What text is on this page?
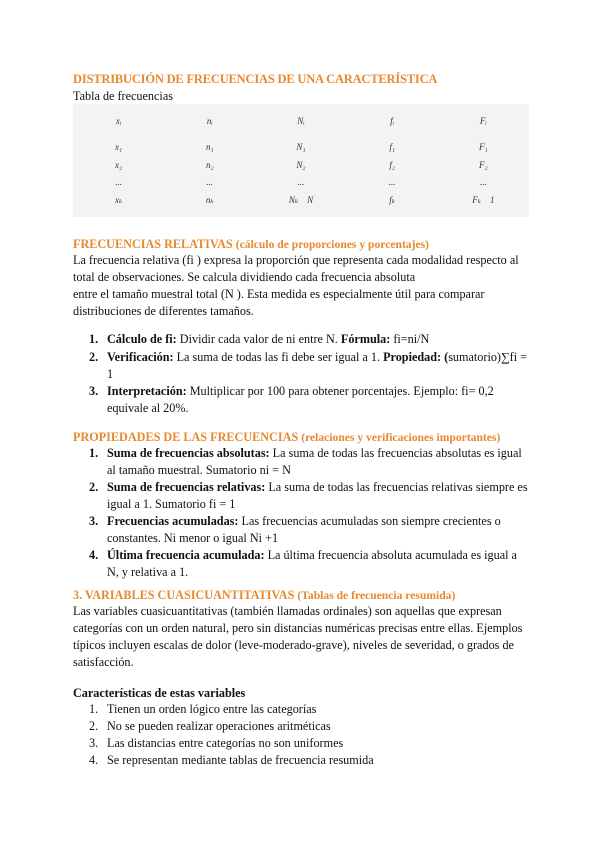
DISTRIBUCIÓN DE FRECUENCIAS DE UNA CARACTERÍSTICA
Tabla de frecuencias
xᵢ	nᵢ	Nᵢ	fᵢ	Fᵢ
x₁	n₁	N₁	f₁	F₁
x₂	n₂	N₂	f₂	F₂
...	...	...	...	...
xₖ	nₖ	Nₖ    N	fₖ	Fₖ    1

FRECUENCIAS RELATIVAS (cálculo de proporciones y porcentajes)

La frecuencia relativa (fi ) expresa la proporción que representa cada modalidad respecto al

total de observaciones. Se calcula dividiendo cada frecuencia absoluta

entre el tamaño muestral total (N ). Esta medida es especialmente útil para comparar

distribuciones de diferentes tamaños.

1. Cálculo de fi: Dividir cada valor de ni entre N. Fórmula: fi=ni/N
2. Verificación: La suma de todas las fi debe ser igual a 1. Propiedad: (sumatorio)∑fi = 1
3. Interpretación: Multiplicar por 100 para obtener porcentajes. Ejemplo: fi= 0,2 equivale al 20%.
PROPIEDADES DE LAS FRECUENCIAS (relaciones y verificaciones importantes)
1. Suma de frecuencias absolutas: La suma de todas las frecuencias absolutas es igual al tamaño muestral. Sumatorio ni = N
2. Suma de frecuencias relativas: La suma de todas las frecuencias relativas siempre es igual a 1. Sumatorio fi = 1
3. Frecuencias acumuladas: Las frecuencias acumuladas son siempre crecientes o constantes. Ni menor o igual Ni +1
4. Última frecuencia acumulada: La última frecuencia absoluta acumulada es igual a N, y relativa a 1.
3. VARIABLES CUASICUANTITATIVAS (Tablas de frecuencia resumida)

Las variables cuasicuantitativas (también llamadas ordinales) son aquellas que expresan categorías con un orden natural, pero sin distancias numéricas precisas entre ellas. Ejemplos típicos incluyen escalas de dolor (leve-moderado-grave), niveles de severidad, o grados de satisfacción.

Características de estas variables
1. Tienen un orden lógico entre las categorías
2. No se pueden realizar operaciones aritméticas
3. Las distancias entre categorías no son uniformes
4. Se representan mediante tablas de frecuencia resumida
